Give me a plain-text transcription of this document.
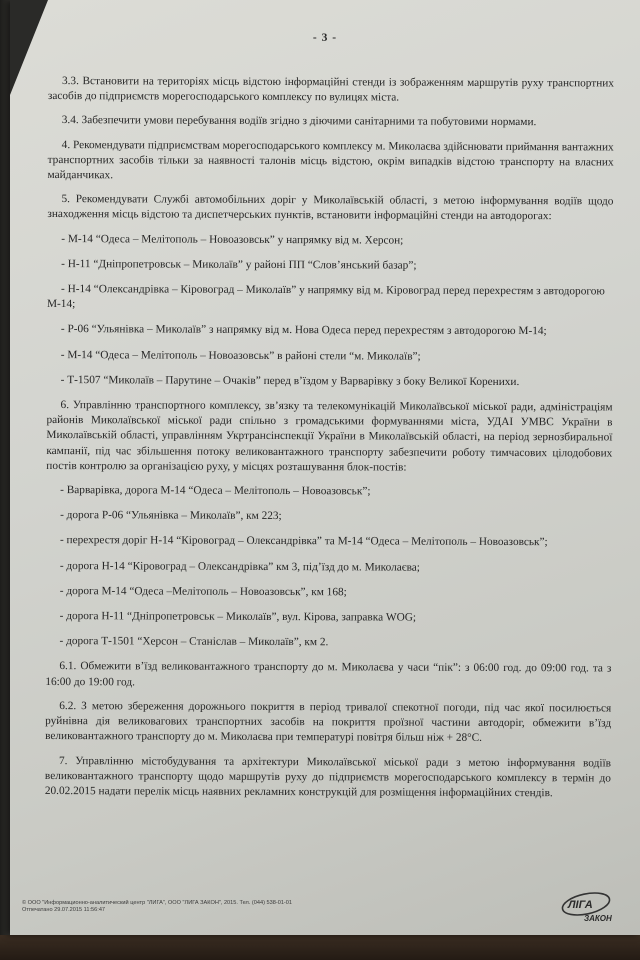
- 3 -

3.3. Встановити на територіях місць відстою інформаційні стенди із зображенням маршрутів руху транспортних засобів до підприємств морегосподарського комплексу по вулицях міста.

3.4. Забезпечити умови перебування водіїв згідно з діючими санітарними та побутовими нормами.

4. Рекомендувати підприємствам морегосподарського комплексу м. Миколаєва здійснювати приймання вантажних транспортних засобів тільки за наявності талонів місць відстою, окрім випадків відстою транспорту на власних майданчиках.

5. Рекомендувати Службі автомобільних доріг у Миколаївській області, з метою інформування водіїв щодо знаходження місць відстою та диспетчерських пунктів, встановити інформаційні стенди на автодорогах:

- М-14 “Одеса – Мелітополь – Новоазовськ” у напрямку від м. Херсон;

- Н-11 “Дніпропетровськ – Миколаїв” у районі ПП “Слов’янський базар”;

- Н-14 “Олександрівка – Кіровоград – Миколаїв” у напрямку від м. Кіровоград перед перехрестям з автодорогою М-14;

- Р-06 “Ульянівка – Миколаїв” з напрямку від м. Нова Одеса перед перехрестям з автодорогою М-14;

- М-14 “Одеса – Мелітополь – Новоазовськ” в районі стели “м. Миколаїв”;

- Т-1507 “Миколаїв – Парутине – Очаків” перед в’їздом у Варварівку з боку Великої Коренихи.

6. Управлінню транспортного комплексу, зв’язку та телекомунікацій Миколаївської міської ради, адміністраціям районів Миколаївської міської ради спільно з громадськими формуваннями міста, УДАІ УМВС України в Миколаївській області, управлінням Укртрансінспекції України в Миколаївській області, на період зернозбиральної кампанії, під час збільшення потоку великовантажного транспорту забезпечити роботу тимчасових цілодобових постів контролю за організацією руху, у місцях розташування блок-постів:

- Варварівка, дорога М-14 “Одеса – Мелітополь – Новоазовськ”;

- дорога Р-06 “Ульянівка – Миколаїв”, км 223;

- перехрестя доріг Н-14 “Кіровоград – Олександрівка” та М-14 “Одеса – Мелітополь – Новоазовськ”;

- дорога Н-14 “Кіровоград – Олександрівка” км 3, під’їзд до м. Миколаєва;

- дорога М-14 “Одеса –Мелітополь – Новоазовськ”, км 168;

- дорога Н-11 “Дніпропетровськ – Миколаїв”, вул. Кірова, заправка WOG;

- дорога Т-1501 “Херсон – Станіслав – Миколаїв”, км 2.

6.1. Обмежити в’їзд великовантажного транспорту до м. Миколаєва у часи “пік”: з 06:00 год. до 09:00 год. та з 16:00 до 19:00 год.

6.2. З метою збереження дорожнього покриття в період тривалої спекотної погоди, під час якої посилюється руйнівна дія великовагових транспортних засобів на покриття проїзної частини автодоріг, обмежити в’їзд великовантажного транспорту до м. Миколаєва при температурі повітря більш ніж + 28°С.

7. Управлінню містобудування та архітектури Миколаївської міської ради з метою інформування водіїв великовантажного транспорту щодо маршрутів руху до підприємств морегосподарського комплексу в термін до 20.02.2015 надати перелік місць наявних рекламних конструкцій для розміщення інформаційних стендів.

© ООО "Информационно-аналитический центр "ЛИГА", ООО "ЛИГА ЗАКОН", 2015. Тел. (044) 538-01-01
Отпечатано 29.07.2015 11:56:47	ЛІГА
ЗАКОН
